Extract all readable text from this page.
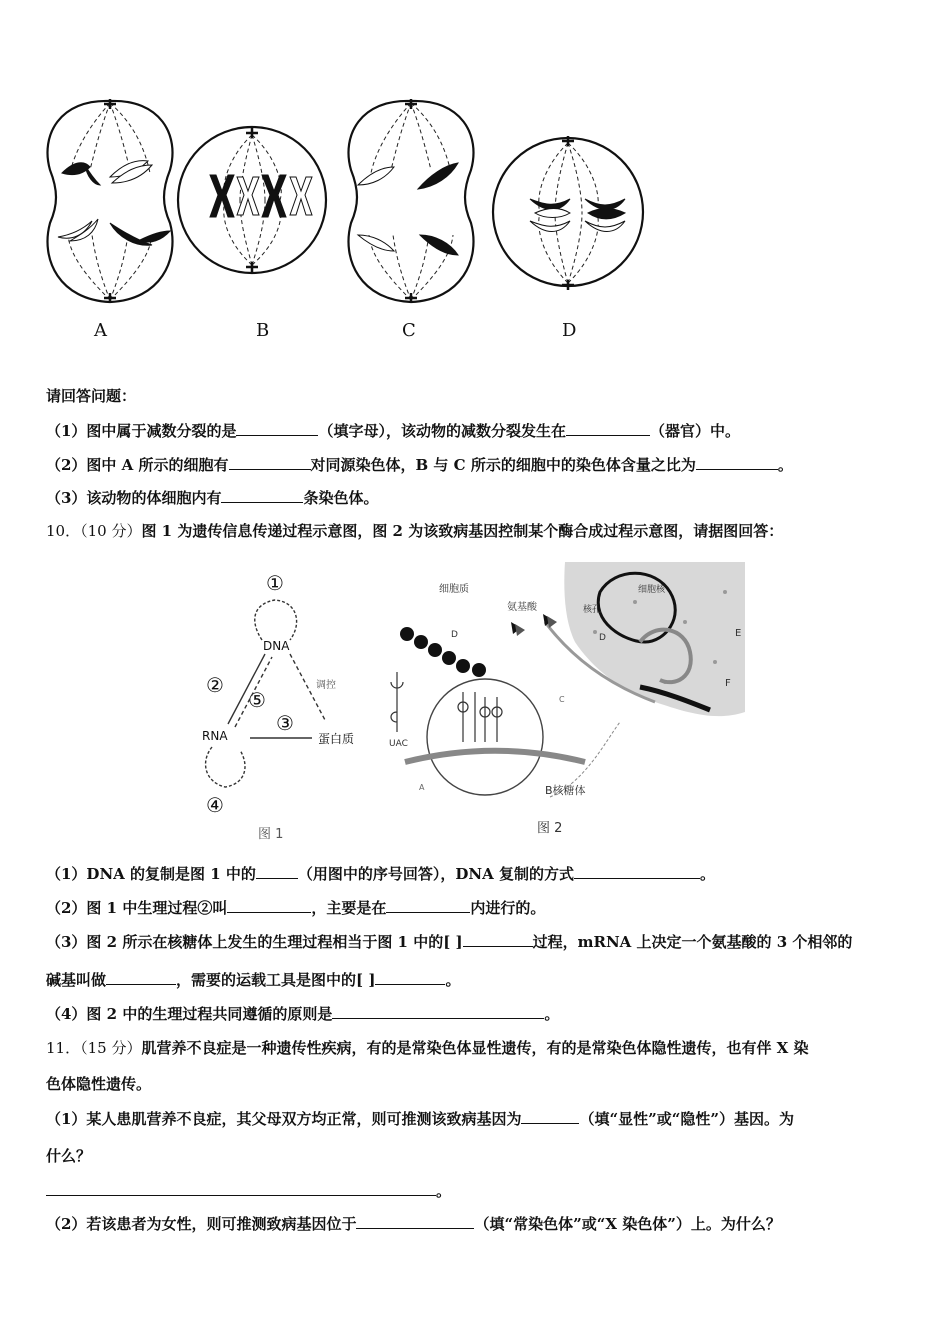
A	B	C	D
请回答问题：
（1）图中属于减数分裂的是	（填字母），该动物的减数分裂发生在	（器官）中。
（2）图中 A 所示的细胞有	对同源染色体，B 与 C 所示的细胞中的染色体含量之比为	。
（3）该动物的体细胞内有	条染色体。
10．（10 分）图 1 为遗传信息传递过程示意图，图 2 为该致病基因控制某个酶合成过程示意图，请据图回答：
①
②
⑤
③
④
DNA
RNA	蛋白质
调控
图 1
细胞核
核孔
D	E
F
细胞质
氨基酸
D
UAC
A
C
B核糖体
图 2
（1）DNA 的复制是图 1 中的	（用图中的序号回答），DNA 复制的方式	。
（2）图 1 中生理过程②叫	，主要是在	内进行的。
（3）图 2 所示在核糖体上发生的生理过程相当于图 1 中的[ ]	过程，mRNA 上决定一个氨基酸的 3 个相邻的
碱基叫做	，需要的运载工具是图中的[ ]	。
（4）图 2 中的生理过程共同遵循的原则是	。
11．（15 分）肌营养不良症是一种遗传性疾病，有的是常染色体显性遗传，有的是常染色体隐性遗传，也有伴 X 染
色体隐性遗传。
（1）某人患肌营养不良症，其父母双方均正常，则可推测该致病基因为	（填“显性”或“隐性”）基因。为
什么？
。
（2）若该患者为女性，则可推测致病基因位于	（填“常染色体”或“X 染色体”）上。为什么？
